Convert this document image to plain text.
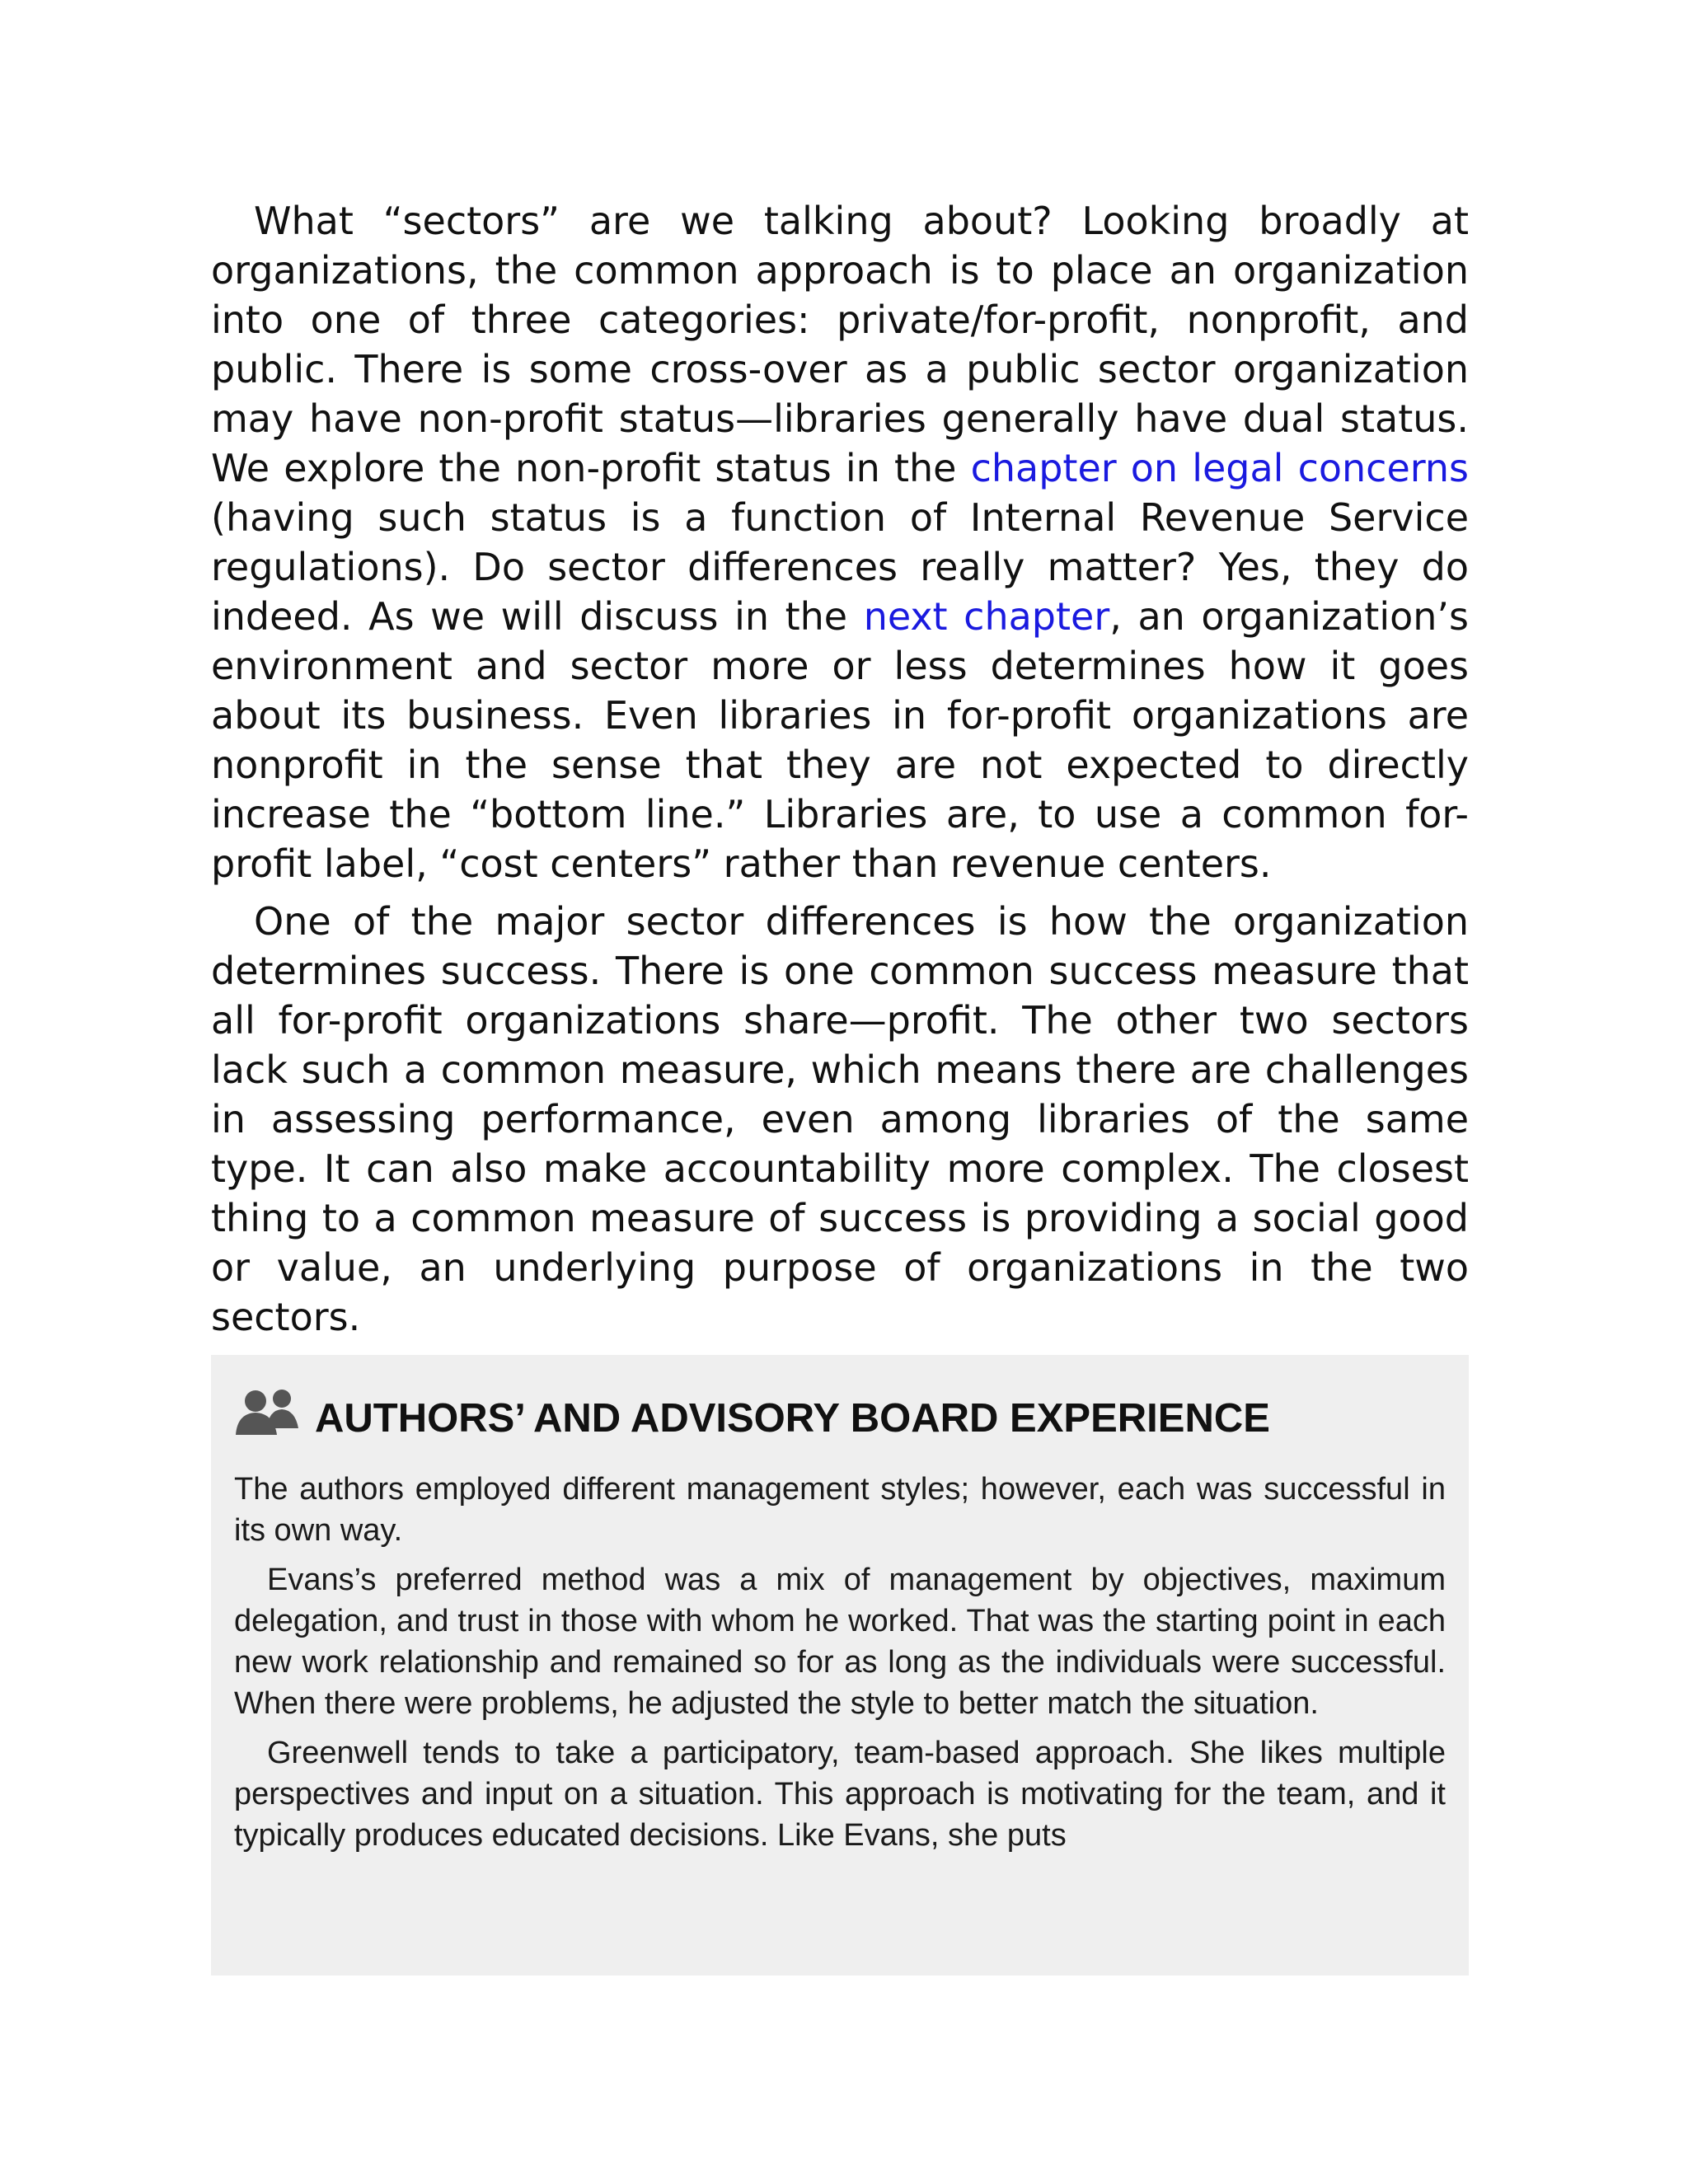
What “sectors” are we talking about? Looking broadly at organizations, the common approach is to place an organization into one of three categories: private/for-profit, nonprofit, and public. There is some cross-over as a public sector organization may have non-profit status—libraries generally have dual status. We explore the non-profit status in the chapter on legal concerns (having such status is a function of Internal Revenue Service regulations). Do sector differences really matter? Yes, they do indeed. As we will discuss in the next chapter, an organization’s environment and sector more or less determines how it goes about its business. Even libraries in for-profit organizations are nonprofit in the sense that they are not expected to directly increase the “bottom line.” Libraries are, to use a common for-profit label, “cost centers” rather than revenue centers.

One of the major sector differences is how the organization determines success. There is one common success measure that all for-profit organizations share—profit. The other two sectors lack such a common measure, which means there are challenges in assessing performance, even among libraries of the same type. It can also make accountability more complex. The closest thing to a common measure of success is providing a social good or value, an underlying purpose of organizations in the two sectors.

AUTHORS’ AND ADVISORY BOARD EXPERIENCE

The authors employed different management styles; however, each was successful in its own way.

Evans’s preferred method was a mix of management by objectives, maximum delegation, and trust in those with whom he worked. That was the starting point in each new work relationship and remained so for as long as the individuals were successful. When there were problems, he adjusted the style to better match the situation.

Greenwell tends to take a participatory, team-based approach. She likes multiple perspectives and input on a situation. This approach is motivating for the team, and it typically produces educated decisions. Like Evans, she puts
